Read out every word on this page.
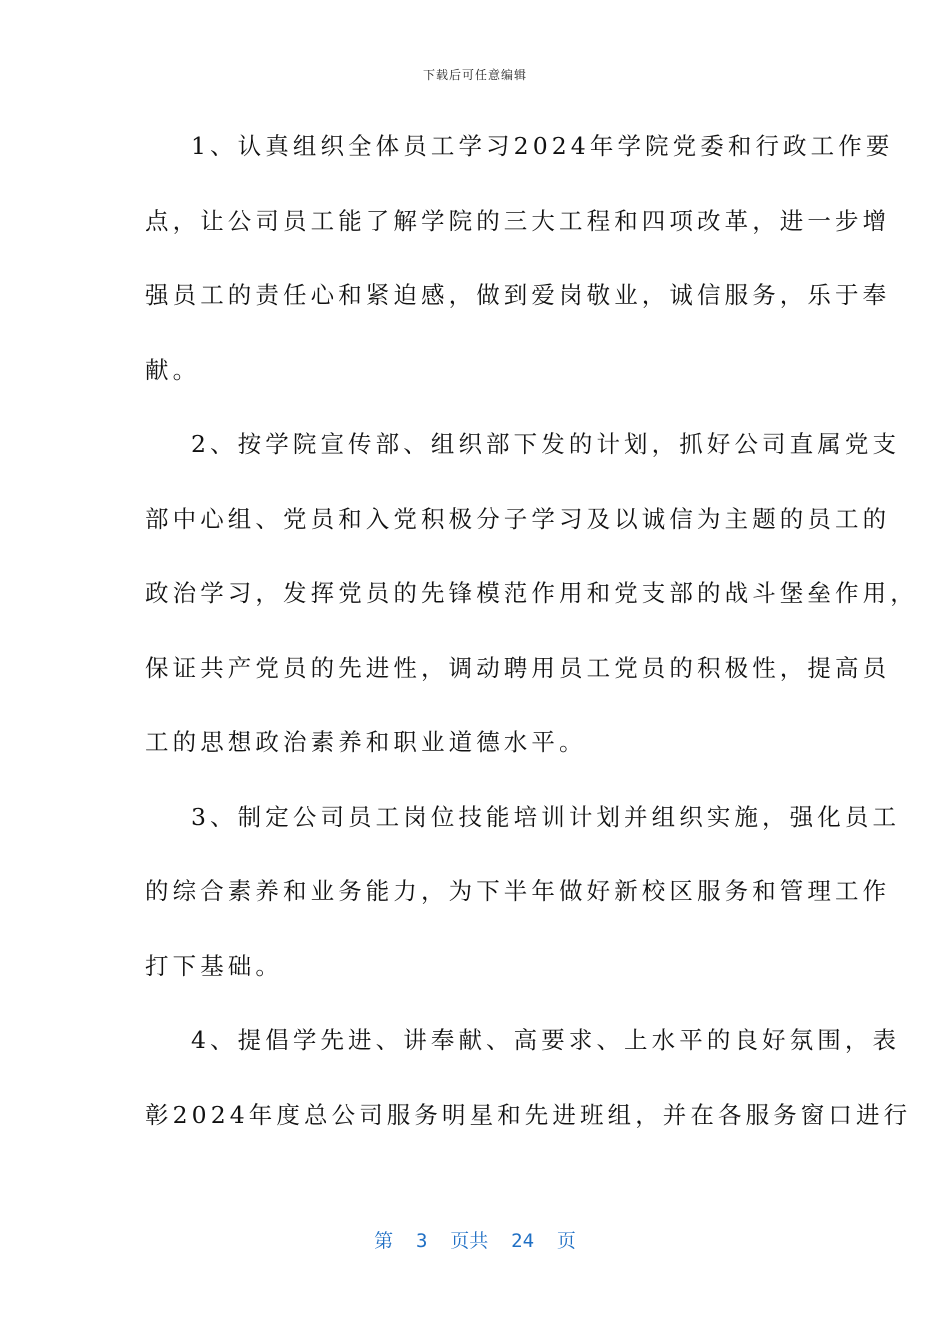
下载后可任意编辑
1、认真组织全体员工学习2024年学院党委和行政工作要
点，让公司员工能了解学院的三大工程和四项改革，进一步增
强员工的责任心和紧迫感，做到爱岗敬业，诚信服务，乐于奉
献。
2、按学院宣传部、组织部下发的计划，抓好公司直属党支
部中心组、党员和入党积极分子学习及以诚信为主题的员工的
政治学习，发挥党员的先锋模范作用和党支部的战斗堡垒作用，
保证共产党员的先进性，调动聘用员工党员的积极性，提高员
工的思想政治素养和职业道德水平。
3、制定公司员工岗位技能培训计划并组织实施，强化员工
的综合素养和业务能力，为下半年做好新校区服务和管理工作
打下基础。
4、提倡学先进、讲奉献、高要求、上水平的良好氛围，表
彰2024年度总公司服务明星和先进班组，并在各服务窗口进行
第  3  页共  24  页
